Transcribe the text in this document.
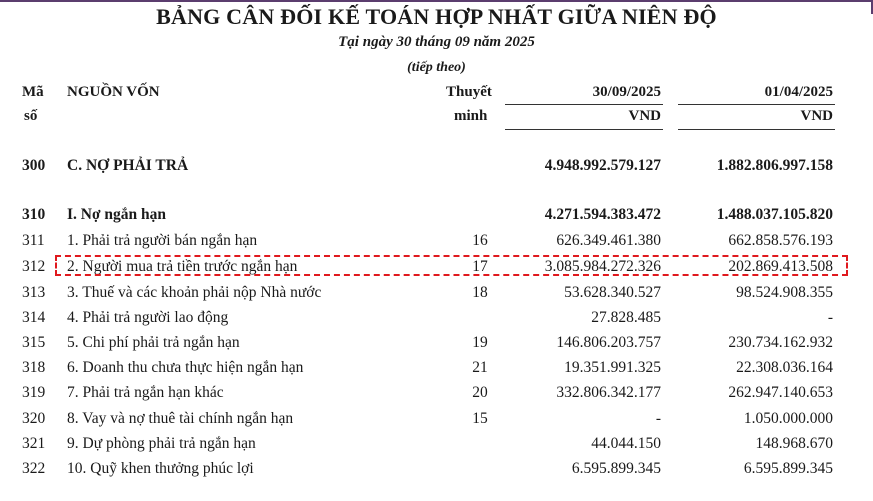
BẢNG CÂN ĐỐI KẾ TOÁN HỢP NHẤT GIỮA NIÊN ĐỘ
Tại ngày 30 tháng 09 năm 2025
(tiếp theo)
Mã
số
NGUỒN VỐN	Thuyết
minh
30/09/2025	01/04/2025
VND	VND
300 C. NỢ PHẢI TRẢ	4.948.992.579.127	1.882.806.997.158
310 I. Nợ ngắn hạn	4.271.594.383.472	1.488.037.105.820
311 1. Phải trả người bán ngắn hạn	16	626.349.461.380	662.858.576.193
312 2. Người mua trả tiền trước ngắn hạn	17	3.085.984.272.326	202.869.413.508
313 3. Thuế và các khoản phải nộp Nhà nước	18	53.628.340.527	98.524.908.355
314 4. Phải trả người lao động	27.828.485	-
315 5. Chi phí phải trả ngắn hạn	19	146.806.203.757	230.734.162.932
318 6. Doanh thu chưa thực hiện ngắn hạn	21	19.351.991.325	22.308.036.164
319 7. Phải trả ngắn hạn khác	20	332.806.342.177	262.947.140.653
320 8. Vay và nợ thuê tài chính ngắn hạn	15	-	1.050.000.000
321 9. Dự phòng phải trả ngắn hạn	44.044.150	148.968.670
322 10. Quỹ khen thưởng phúc lợi	6.595.899.345	6.595.899.345
